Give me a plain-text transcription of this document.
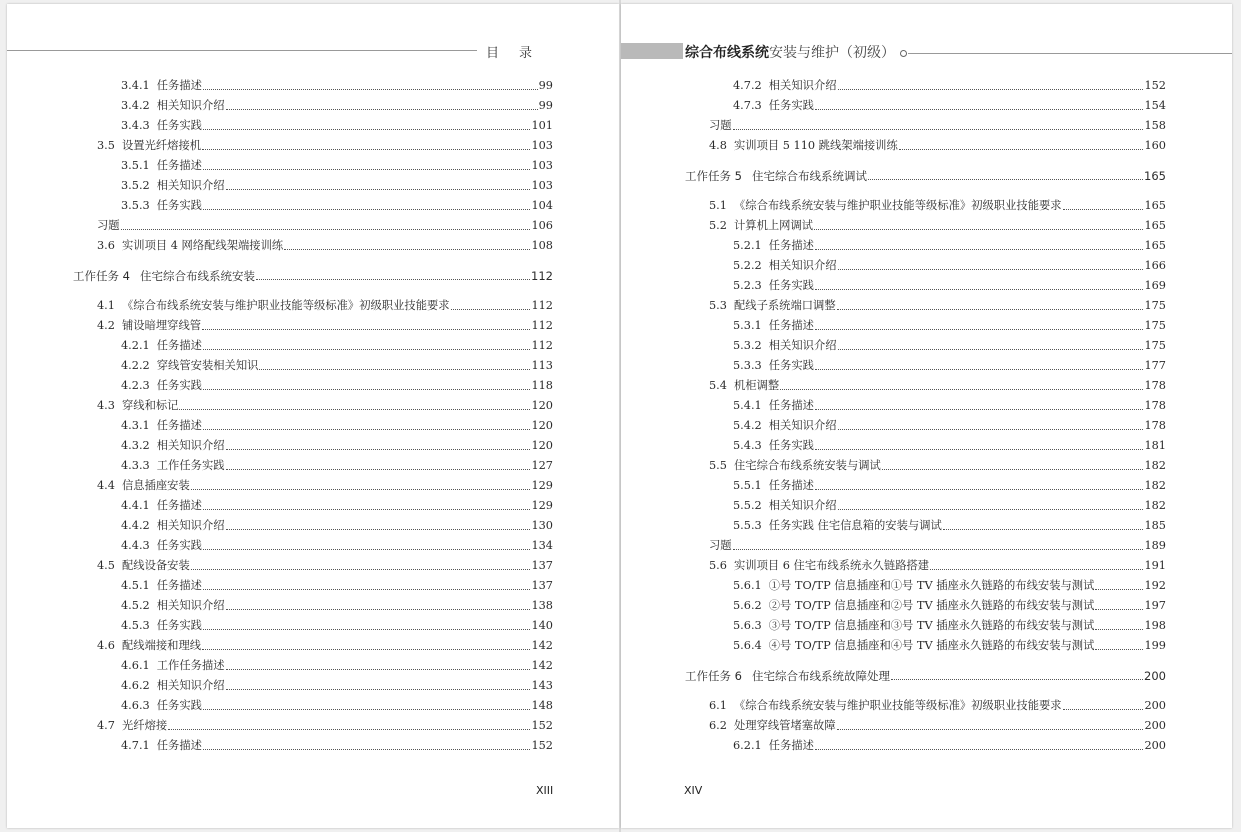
目录
3.4.1 任务描述	99
3.4.2 相关知识介绍	99
3.4.3 任务实践	101
3.5 设置光纤熔接机	103
3.5.1 任务描述	103
3.5.2 相关知识介绍	103
3.5.3 任务实践	104
习题	106
3.6 实训项目 4 网络配线架端接训练	108
工作任务 4 住宅综合布线系统安装	112
4.1 《综合布线系统安装与维护职业技能等级标准》初级职业技能要求	112
4.2 铺设暗埋穿线管	112
4.2.1 任务描述	112
4.2.2 穿线管安装相关知识	113
4.2.3 任务实践	118
4.3 穿线和标记	120
4.3.1 任务描述	120
4.3.2 相关知识介绍	120
4.3.3 工作任务实践	127
4.4 信息插座安装	129
4.4.1 任务描述	129
4.4.2 相关知识介绍	130
4.4.3 任务实践	134
4.5 配线设备安装	137
4.5.1 任务描述	137
4.5.2 相关知识介绍	138
4.5.3 任务实践	140
4.6 配线端接和理线	142
4.6.1 工作任务描述	142
4.6.2 相关知识介绍	143
4.6.3 任务实践	148
4.7 光纤熔接	152
4.7.1 任务描述	152
XIII
综合布线系统安装与维护（初级）
4.7.2 相关知识介绍	152
4.7.3 任务实践	154
习题	158
4.8 实训项目 5 110 跳线架端接训练	160
工作任务 5 住宅综合布线系统调试	165
5.1 《综合布线系统安装与维护职业技能等级标准》初级职业技能要求	165
5.2 计算机上网调试	165
5.2.1 任务描述	165
5.2.2 相关知识介绍	166
5.2.3 任务实践	169
5.3 配线子系统端口调整	175
5.3.1 任务描述	175
5.3.2 相关知识介绍	175
5.3.3 任务实践	177
5.4 机柜调整	178
5.4.1 任务描述	178
5.4.2 相关知识介绍	178
5.4.3 任务实践	181
5.5 住宅综合布线系统安装与调试	182
5.5.1 任务描述	182
5.5.2 相关知识介绍	182
5.5.3 任务实践 住宅信息箱的安装与调试	185
习题	189
5.6 实训项目 6 住宅布线系统永久链路搭建	191
5.6.1 ①号 TO/TP 信息插座和①号 TV 插座永久链路的布线安装与测试	192
5.6.2 ②号 TO/TP 信息插座和②号 TV 插座永久链路的布线安装与测试	197
5.6.3 ③号 TO/TP 信息插座和③号 TV 插座永久链路的布线安装与测试	198
5.6.4 ④号 TO/TP 信息插座和④号 TV 插座永久链路的布线安装与测试	199
工作任务 6 住宅综合布线系统故障处理	200
6.1 《综合布线系统安装与维护职业技能等级标准》初级职业技能要求	200
6.2 处理穿线管堵塞故障	200
6.2.1 任务描述	200
XIV
